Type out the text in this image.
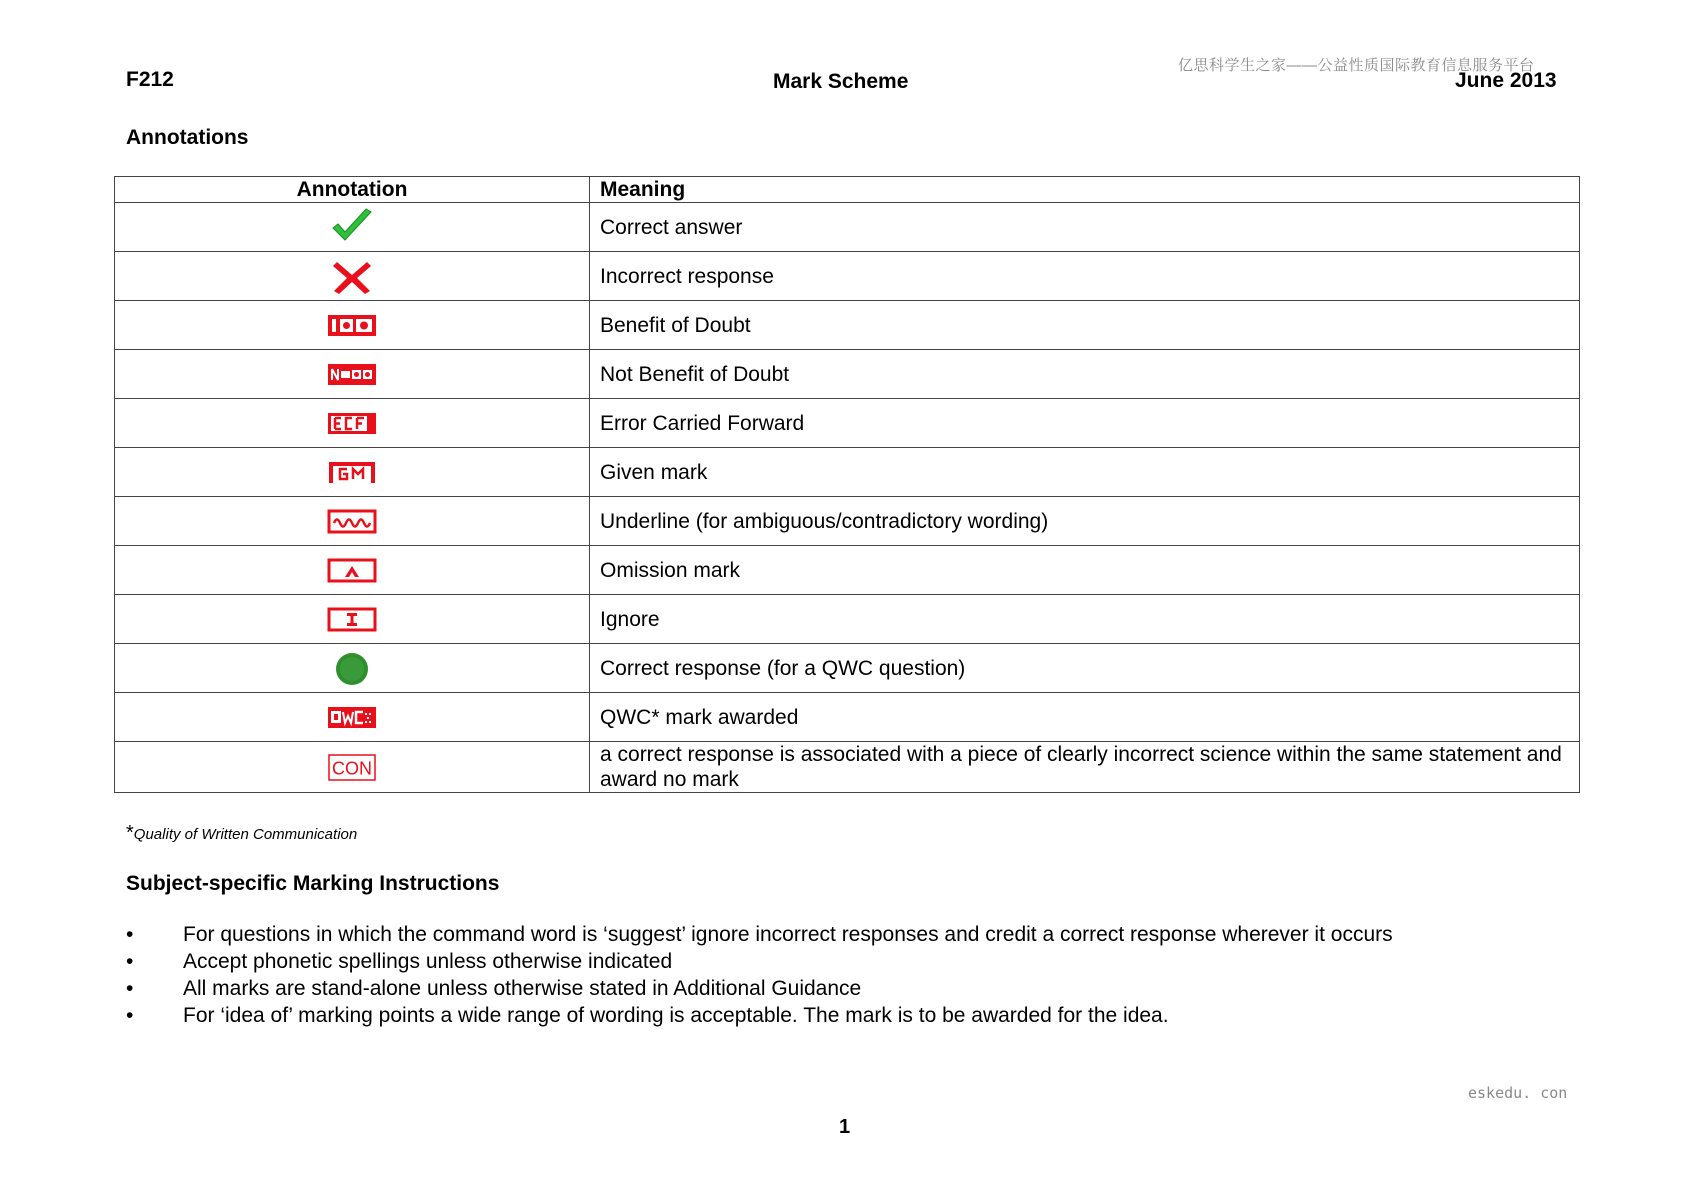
F212	Mark Scheme	June 2013
亿思科学生之家——公益性质国际教育信息服务平台
Annotations
Annotation	Meaning

	Correct answer

	Incorrect response

	Benefit of Doubt

	Not Benefit of Doubt

	Error Carried Forward

	Given mark

	Underline (for ambiguous/contradictory wording)

	Omission mark

	Ignore

	Correct response (for a QWC question)

	QWC* mark awarded

CON	a correct response is associated with a piece of clearly incorrect science within the same statement and award no mark
*Quality of Written Communication
Subject-specific Marking Instructions
• For questions in which the command word is ‘suggest’ ignore incorrect responses and credit a correct response wherever it occurs
• Accept phonetic spellings unless otherwise indicated
• All marks are stand-alone unless otherwise stated in Additional Guidance
• For ‘idea of’ marking points a wide range of wording is acceptable. The mark is to be awarded for the idea.
eskedu. con
1
